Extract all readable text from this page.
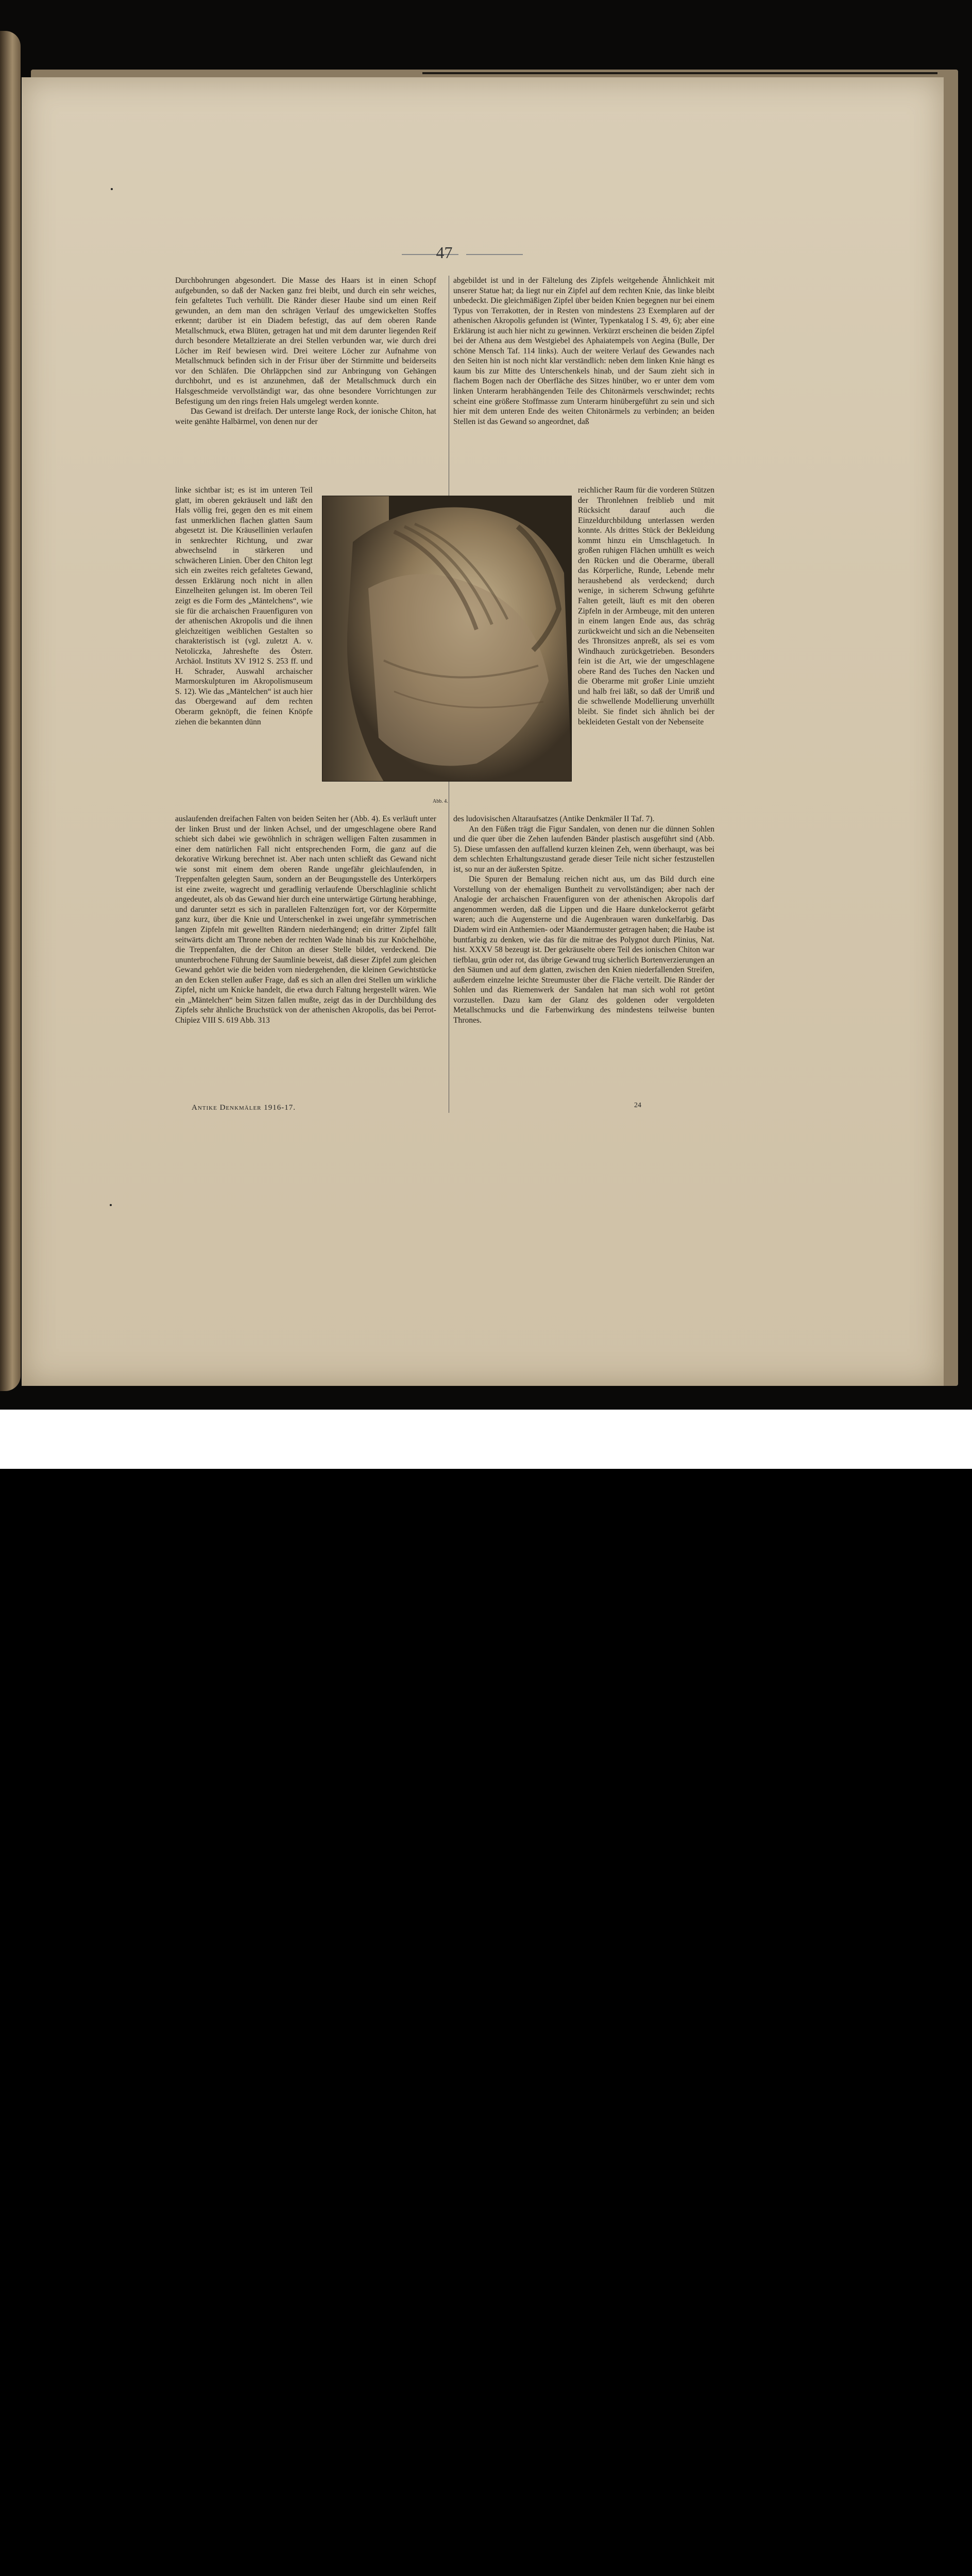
47

Durchbohrungen abgesondert. Die Masse des Haars ist in einen Schopf aufgebunden, so daß der Nacken ganz frei bleibt, und durch ein sehr weiches, fein gefaltetes Tuch verhüllt. Die Ränder dieser Haube sind um einen Reif gewunden, an dem man den schrägen Verlauf des umgewickelten Stoffes erkennt; darüber ist ein Diadem befestigt, das auf dem oberen Rande Metallschmuck, etwa Blüten, getragen hat und mit dem darunter liegenden Reif durch besondere Metallzierate an drei Stellen verbunden war, wie durch drei Löcher im Reif bewiesen wird. Drei weitere Löcher zur Aufnahme von Metallschmuck befinden sich in der Frisur über der Stirnmitte und beiderseits vor den Schläfen. Die Ohrläppchen sind zur Anbringung von Gehängen durchbohrt, und es ist anzunehmen, daß der Metallschmuck durch ein Halsgeschmeide vervollständigt war, das ohne besondere Vorrichtungen zur Befestigung um den rings freien Hals umgelegt werden konnte.

Das Gewand ist dreifach. Der unterste lange Rock, der ionische Chiton, hat weite genähte Halbärmel, von denen nur der

linke sichtbar ist; es ist im unteren Teil glatt, im oberen gekräuselt und läßt den Hals völlig frei, gegen den es mit einem fast unmerklichen flachen glatten Saum abgesetzt ist. Die Kräusellinien verlaufen in senkrechter Richtung, und zwar abwechselnd in stärkeren und schwächeren Linien. Über den Chiton legt sich ein zweites reich gefaltetes Gewand, dessen Erklärung noch nicht in allen Einzelheiten gelungen ist. Im oberen Teil zeigt es die Form des „Mäntelchens“, wie sie für die archaischen Frauenfiguren von der athenischen Akropolis und die ihnen gleichzeitigen weiblichen Gestalten so charakteristisch ist (vgl. zuletzt A. v. Netoliczka, Jahreshefte des Österr. Archäol. Instituts XV 1912 S. 253 ff. und H. Schrader, Auswahl archaischer Marmorskulpturen im Akropolismuseum S. 12). Wie das „Mäntelchen“ ist auch hier das Obergewand auf dem rechten Oberarm geknöpft, die feinen Knöpfe ziehen die bekannten dünn

auslaufenden dreifachen Falten von beiden Seiten her (Abb. 4). Es verläuft unter der linken Brust und der linken Achsel, und der umgeschlagene obere Rand schiebt sich dabei wie gewöhnlich in schrägen welligen Falten zusammen in einer dem natürlichen Fall nicht entsprechenden Form, die ganz auf die dekorative Wirkung berechnet ist. Aber nach unten schließt das Gewand nicht wie sonst mit einem dem oberen Rande ungefähr gleichlaufenden, in Treppenfalten gelegten Saum, sondern an der Beugungsstelle des Unterkörpers ist eine zweite, wagrecht und geradlinig verlaufende Überschlaglinie schlicht angedeutet, als ob das Gewand hier durch eine unterwärtige Gürtung herabhinge, und darunter setzt es sich in parallelen Faltenzügen fort, vor der Körpermitte ganz kurz, über die Knie und Unterschenkel in zwei ungefähr symmetrischen langen Zipfeln mit gewellten Rändern niederhängend; ein dritter Zipfel fällt seitwärts dicht am Throne neben der rechten Wade hinab bis zur Knöchelhöhe, die Treppenfalten, die der Chiton an dieser Stelle bildet, verdeckend. Die ununterbrochene Führung der Saumlinie beweist, daß dieser Zipfel zum gleichen Gewand gehört wie die beiden vorn niedergehenden, die kleinen Gewichtstücke an den Ecken stellen außer Frage, daß es sich an allen drei Stellen um wirkliche Zipfel, nicht um Knicke handelt, die etwa durch Faltung hergestellt wären. Wie ein „Mäntelchen“ beim Sitzen fallen mußte, zeigt das in der Durchbildung des Zipfels sehr ähnliche Bruchstück von der athenischen Akropolis, das bei Perrot-Chipiez VIII S. 619 Abb. 313

abgebildet ist und in der Fältelung des Zipfels weitgehende Ähnlichkeit mit unserer Statue hat; da liegt nur ein Zipfel auf dem rechten Knie, das linke bleibt unbedeckt. Die gleichmäßigen Zipfel über beiden Knien begegnen nur bei einem Typus von Terrakotten, der in Resten von mindestens 23 Exemplaren auf der athenischen Akropolis gefunden ist (Winter, Typenkatalog I S. 49, 6); aber eine Erklärung ist auch hier nicht zu gewinnen. Verkürzt erscheinen die beiden Zipfel bei der Athena aus dem Westgiebel des Aphaiatempels von Aegina (Bulle, Der schöne Mensch Taf. 114 links). Auch der weitere Verlauf des Gewandes nach den Seiten hin ist noch nicht klar verständlich: neben dem linken Knie hängt es kaum bis zur Mitte des Unterschenkels hinab, und der Saum zieht sich in flachem Bogen nach der Oberfläche des Sitzes hinüber, wo er unter dem vom linken Unterarm herabhängenden Teile des Chitonärmels verschwindet; rechts scheint eine größere Stoffmasse zum Unterarm hinübergeführt zu sein und sich hier mit dem unteren Ende des weiten Chitonärmels zu verbinden; an beiden Stellen ist das Gewand so angeordnet, daß

reichlicher Raum für die vorderen Stützen der Thronlehnen freiblieb und mit Rücksicht darauf auch die Einzeldurchbildung unterlassen werden konnte. Als drittes Stück der Bekleidung kommt hinzu ein Umschlagetuch. In großen ruhigen Flächen umhüllt es weich den Rücken und die Oberarme, überall das Körperliche, Runde, Lebende mehr heraushebend als verdeckend; durch wenige, in sicherem Schwung geführte Falten geteilt, läuft es mit den oberen Zipfeln in der Armbeuge, mit den unteren in einem langen Ende aus, das schräg zurückweicht und sich an die Nebenseiten des Thronsitzes anpreßt, als sei es vom Windhauch zurückgetrieben. Besonders fein ist die Art, wie der umgeschlagene obere Rand des Tuches den Nacken und die Oberarme mit großer Linie umzieht und halb frei läßt, so daß der Umriß und die schwellende Modellierung unverhüllt bleibt. Sie findet sich ähnlich bei der bekleideten Gestalt von der Nebenseite

des ludovisischen Altaraufsatzes (Antike Denkmäler II Taf. 7).

An den Füßen trägt die Figur Sandalen, von denen nur die dünnen Sohlen und die quer über die Zehen laufenden Bänder plastisch ausgeführt sind (Abb. 5). Diese umfassen den auffallend kurzen kleinen Zeh, wenn überhaupt, was bei dem schlechten Erhaltungszustand gerade dieser Teile nicht sicher festzustellen ist, so nur an der äußersten Spitze.

Die Spuren der Bemalung reichen nicht aus, um das Bild durch eine Vorstellung von der ehemaligen Buntheit zu vervollständigen; aber nach der Analogie der archaischen Frauenfiguren von der athenischen Akropolis darf angenommen werden, daß die Lippen und die Haare dunkelockerrot gefärbt waren; auch die Augensterne und die Augenbrauen waren dunkelfarbig. Das Diadem wird ein Anthemien- oder Mäandermuster getragen haben; die Haube ist buntfarbig zu denken, wie das für die mitrae des Polygnot durch Plinius, Nat. hist. XXXV 58 bezeugt ist. Der gekräuselte obere Teil des ionischen Chiton war tiefblau, grün oder rot, das übrige Gewand trug sicherlich Bortenverzierungen an den Säumen und auf dem glatten, zwischen den Knien niederfallenden Streifen, außerdem einzelne leichte Streumuster über die Fläche verteilt. Die Ränder der Sohlen und das Riemenwerk der Sandalen hat man sich wohl rot getönt vorzustellen. Dazu kam der Glanz des goldenen oder vergoldeten Metallschmucks und die Farbenwirkung des mindestens teilweise bunten Thrones.

Abb. 4.
Antike Denkmäler 1916-17.	24
